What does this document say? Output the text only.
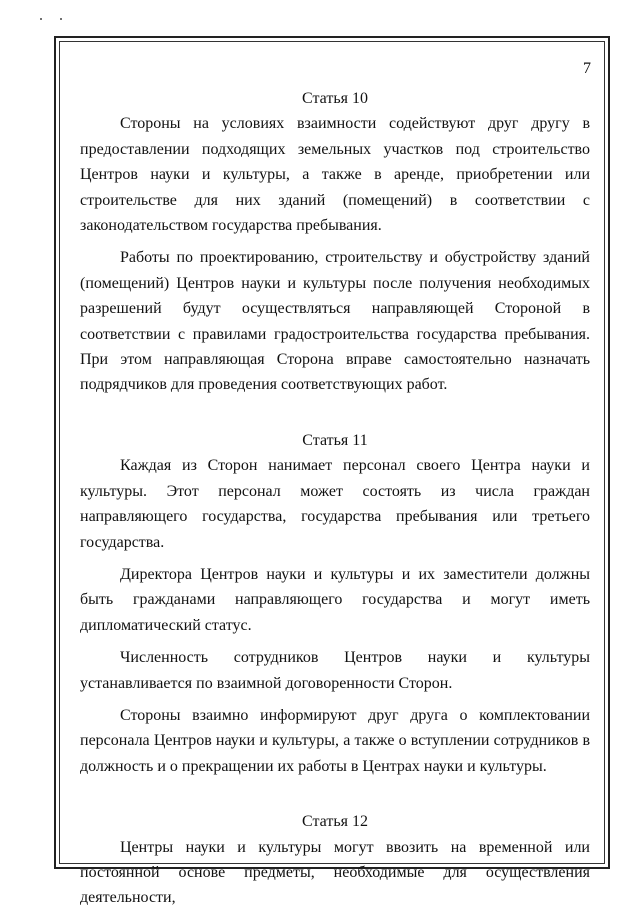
7
Статья 10

Стороны на условиях взаимности содействуют друг другу в предоставлении подходящих земельных участков под строительство Центров науки и культуры, а также в аренде, приобретении или строительстве для них зданий (помещений) в соответствии с законодательством государства пребывания.

Работы по проектированию, строительству и обустройству зданий (помещений) Центров науки и культуры после получения необходимых разрешений будут осуществляться направляющей Стороной в соответствии с правилами градостроительства государства пребывания. При этом направляющая Сторона вправе самостоятельно назначать подрядчиков для проведения соответствующих работ.

Статья 11

Каждая из Сторон нанимает персонал своего Центра науки и культуры. Этот персонал может состоять из числа граждан направляющего государства, государства пребывания или третьего государства.

Директора Центров науки и культуры и их заместители должны быть гражданами направляющего государства и могут иметь дипломатический статус.

Численность сотрудников Центров науки и культуры устанавливается по взаимной договоренности Сторон.

Стороны взаимно информируют друг друга о комплектовании персонала Центров науки и культуры, а также о вступлении сотрудников в должность и о прекращении их работы в Центрах науки и культуры.

Статья 12

Центры науки и культуры могут ввозить на временной или постоянной основе предметы, необходимые для осуществления деятельности,
